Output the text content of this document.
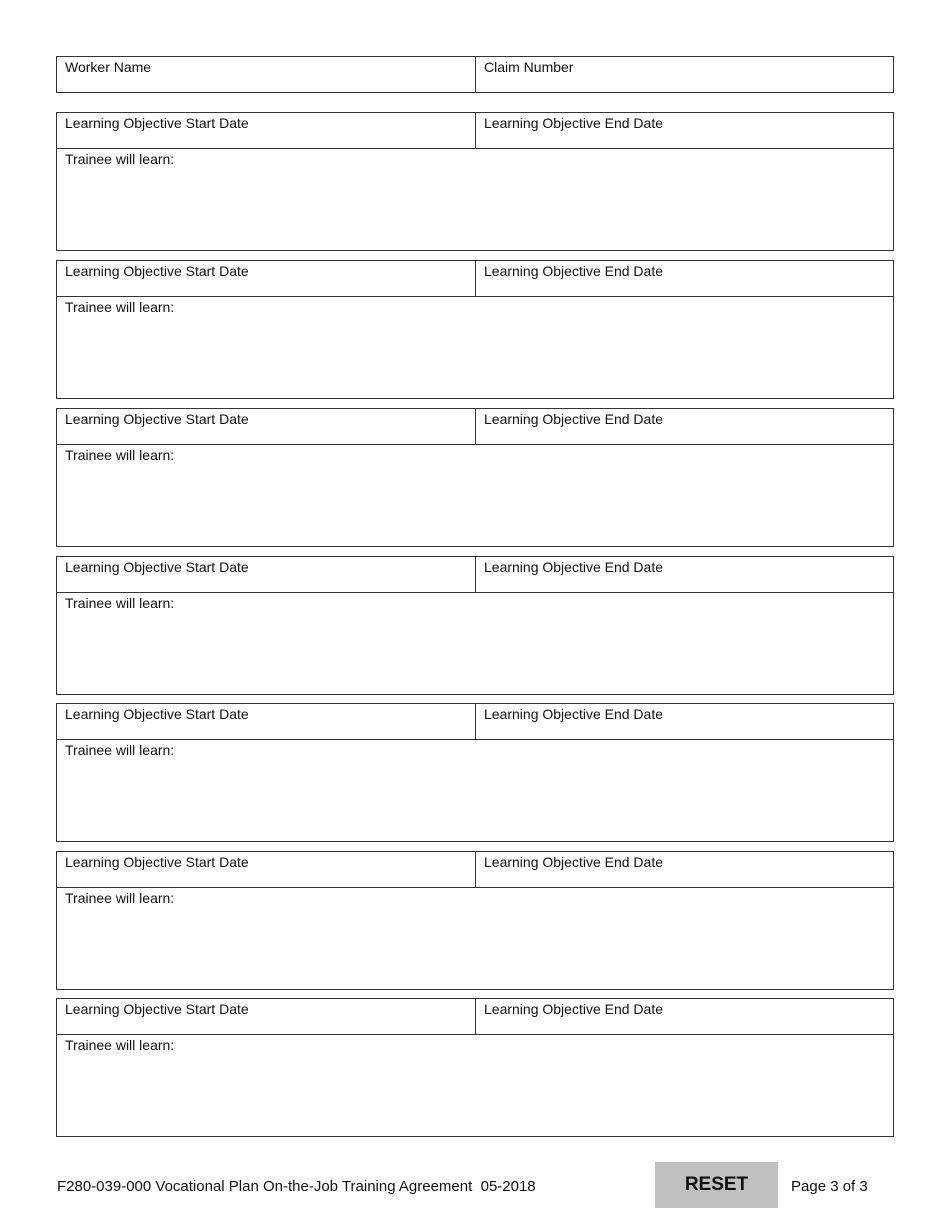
Worker Name	Claim Number
Learning Objective Start Date	Learning Objective End Date
Trainee will learn:
Learning Objective Start Date	Learning Objective End Date
Trainee will learn:
Learning Objective Start Date	Learning Objective End Date
Trainee will learn:
Learning Objective Start Date	Learning Objective End Date
Trainee will learn:
Learning Objective Start Date	Learning Objective End Date
Trainee will learn:
Learning Objective Start Date	Learning Objective End Date
Trainee will learn:
Learning Objective Start Date	Learning Objective End Date
Trainee will learn:
F280-039-000 Vocational Plan On-the-Job Training Agreement  05-2018	RESET	Page 3 of 3
